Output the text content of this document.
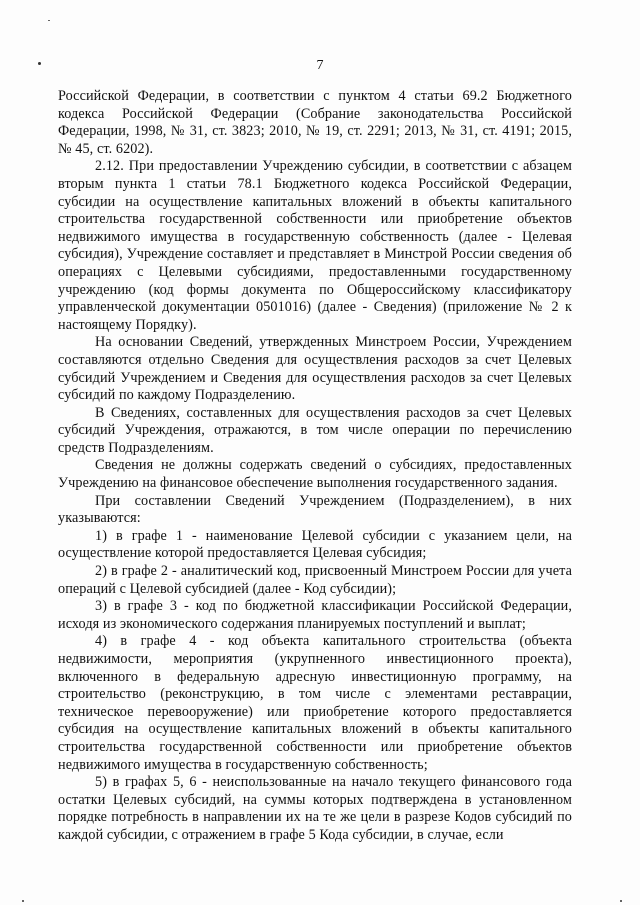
7

Российской Федерации, в соответствии с пунктом 4 статьи 69.2 Бюджетного кодекса Российской Федерации (Собрание законодательства Российской Федерации, 1998, № 31, ст. 3823; 2010, № 19, ст. 2291; 2013, № 31, ст. 4191; 2015, № 45, ст. 6202).

2.12. При предоставлении Учреждению субсидии, в соответствии с абзацем вторым пункта 1 статьи 78.1 Бюджетного кодекса Российской Федерации, субсидии на осуществление капитальных вложений в объекты капитального строительства государственной собственности или приобретение объектов недвижимого имущества в государственную собственность (далее - Целевая субсидия), Учреждение составляет и представляет в Минстрой России сведения об операциях с Целевыми субсидиями, предоставленными государственному учреждению (код формы документа по Общероссийскому классификатору управленческой документации 0501016) (далее - Сведения) (приложение № 2 к настоящему Порядку).

На основании Сведений, утвержденных Минстроем России, Учреждением составляются отдельно Сведения для осуществления расходов за счет Целевых субсидий Учреждением и Сведения для осуществления расходов за счет Целевых субсидий по каждому Подразделению.

В Сведениях, составленных для осуществления расходов за счет Целевых субсидий Учреждения, отражаются, в том числе операции по перечислению средств Подразделениям.

Сведения не должны содержать сведений о субсидиях, предоставленных Учреждению на финансовое обеспечение выполнения государственного задания.

При составлении Сведений Учреждением (Подразделением), в них указываются:

1) в графе 1 - наименование Целевой субсидии с указанием цели, на осуществление которой предоставляется Целевая субсидия;

2) в графе 2 - аналитический код, присвоенный Минстроем России для учета операций с Целевой субсидией (далее - Код субсидии);

3) в графе 3 - код по бюджетной классификации Российской Федерации, исходя из экономического содержания планируемых поступлений и выплат;

4) в графе 4 - код объекта капитального строительства (объекта недвижимости, мероприятия (укрупненного инвестиционного проекта), включенного в федеральную адресную инвестиционную программу, на строительство (реконструкцию, в том числе с элементами реставрации, техническое перевооружение) или приобретение которого предоставляется субсидия на осуществление капитальных вложений в объекты капитального строительства государственной собственности или приобретение объектов недвижимого имущества в государственную собственность;

5) в графах 5, 6 - неиспользованные на начало текущего финансового года остатки Целевых субсидий, на суммы которых подтверждена в установленном порядке потребность в направлении их на те же цели в разрезе Кодов субсидий по каждой субсидии, с отражением в графе 5 Кода субсидии, в случае, если
